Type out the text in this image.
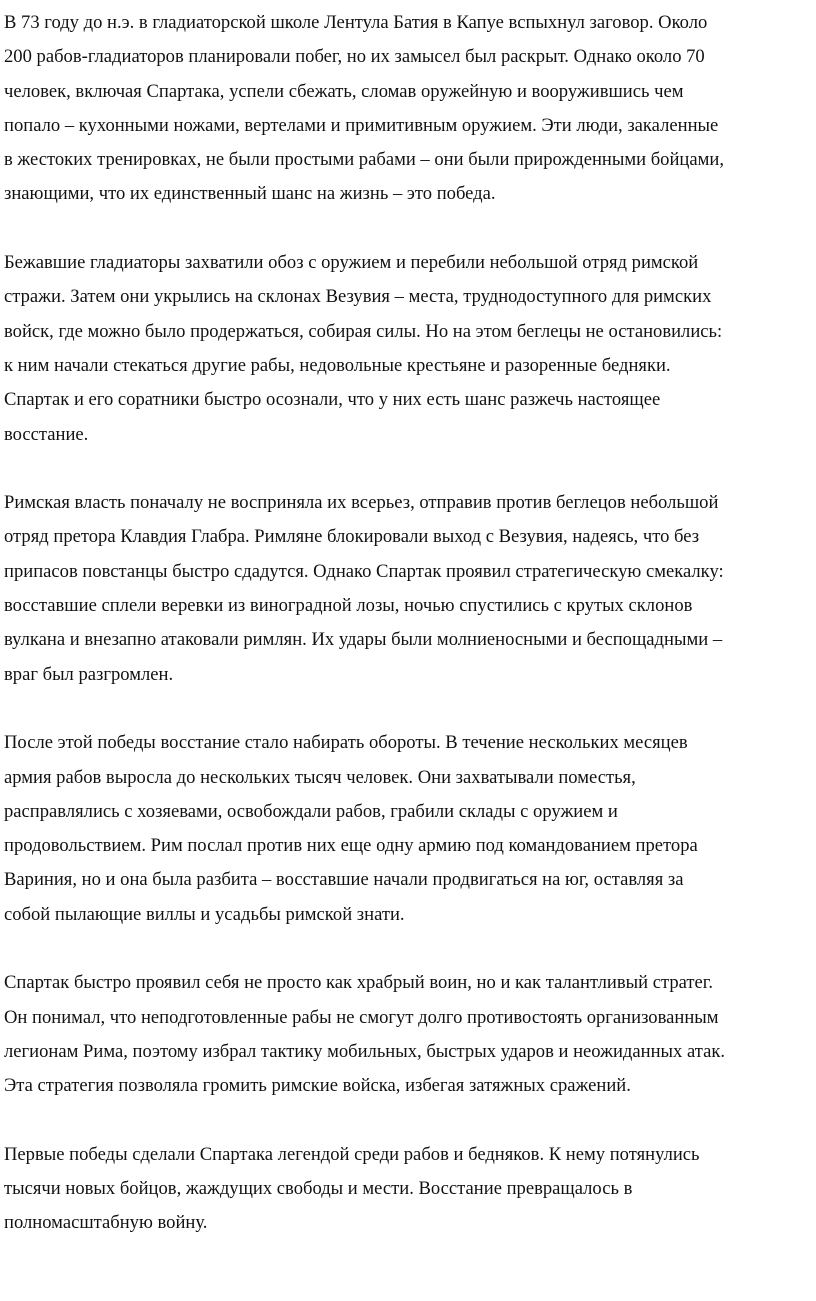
В 73 году до н.э. в гладиаторской школе Лентула Батия в Капуе вспыхнул заговор. Около
200 рабов-гладиаторов планировали побег, но их замысел был раскрыт. Однако около 70
человек, включая Спартака, успели сбежать, сломав оружейную и вооружившись чем
попало – кухонными ножами, вертелами и примитивным оружием. Эти люди, закаленные
в жестоких тренировках, не были простыми рабами – они были прирожденными бойцами,
знающими, что их единственный шанс на жизнь – это победа.

Бежавшие гладиаторы захватили обоз с оружием и перебили небольшой отряд римской
стражи. Затем они укрылись на склонах Везувия – места, труднодоступного для римских
войск, где можно было продержаться, собирая силы. Но на этом беглецы не остановились:
к ним начали стекаться другие рабы, недовольные крестьяне и разоренные бедняки.
Спартак и его соратники быстро осознали, что у них есть шанс разжечь настоящее
восстание.

Римская власть поначалу не восприняла их всерьез, отправив против беглецов небольшой
отряд претора Клавдия Глабра. Римляне блокировали выход с Везувия, надеясь, что без
припасов повстанцы быстро сдадутся. Однако Спартак проявил стратегическую смекалку:
восставшие сплели веревки из виноградной лозы, ночью спустились с крутых склонов
вулкана и внезапно атаковали римлян. Их удары были молниеносными и беспощадными –
враг был разгромлен.

После этой победы восстание стало набирать обороты. В течение нескольких месяцев
армия рабов выросла до нескольких тысяч человек. Они захватывали поместья,
расправлялись с хозяевами, освобождали рабов, грабили склады с оружием и
продовольствием. Рим послал против них еще одну армию под командованием претора
Вариния, но и она была разбита – восставшие начали продвигаться на юг, оставляя за
собой пылающие виллы и усадьбы римской знати.

Спартак быстро проявил себя не просто как храбрый воин, но и как талантливый стратег.
Он понимал, что неподготовленные рабы не смогут долго противостоять организованным
легионам Рима, поэтому избрал тактику мобильных, быстрых ударов и неожиданных атак.
Эта стратегия позволяла громить римские войска, избегая затяжных сражений.

Первые победы сделали Спартака легендой среди рабов и бедняков. К нему потянулись
тысячи новых бойцов, жаждущих свободы и мести. Восстание превращалось в
полномасштабную войну.
